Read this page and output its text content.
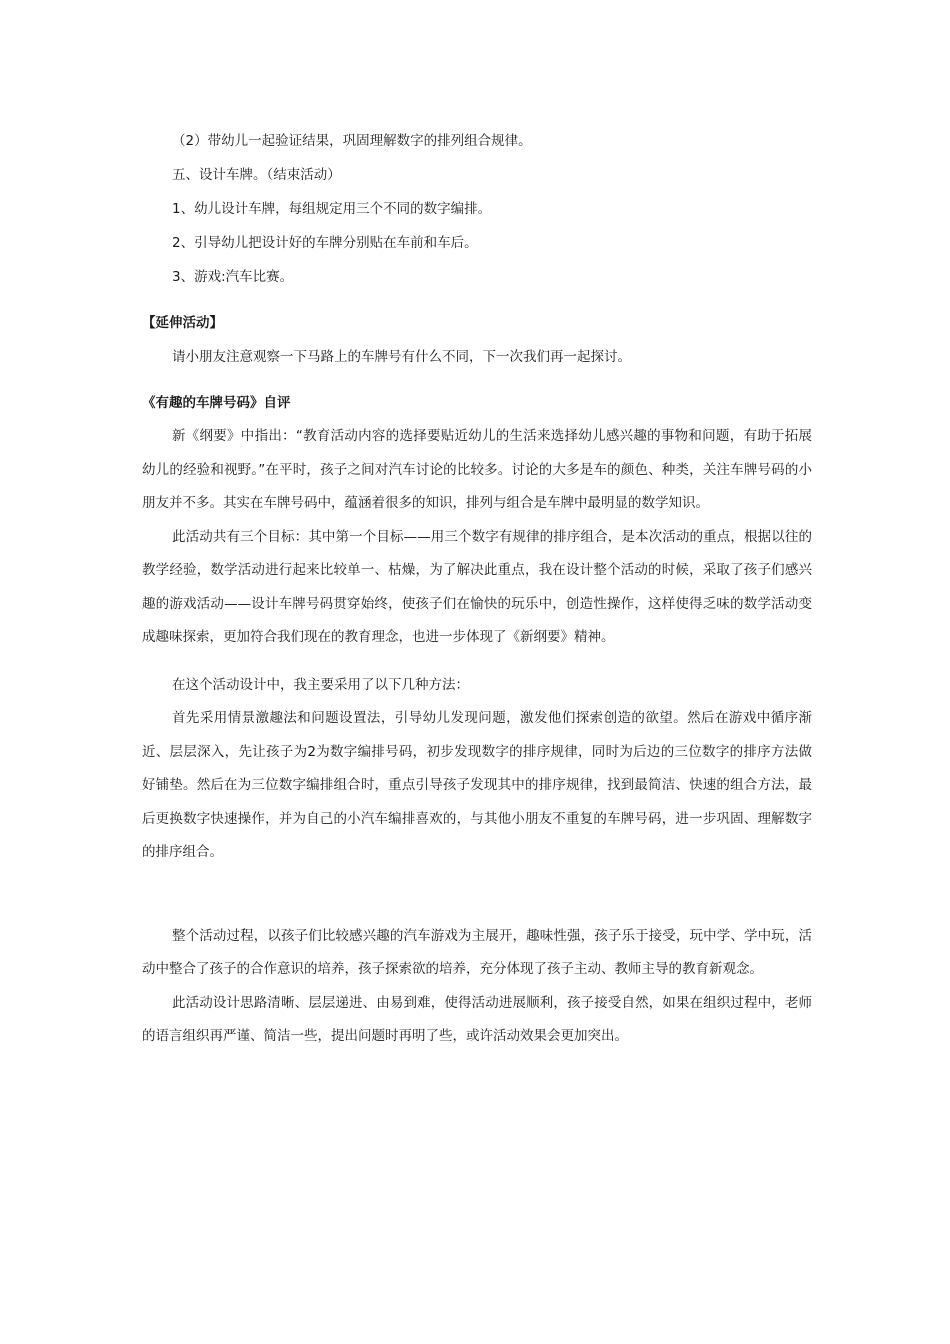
（2）带幼儿一起验证结果，巩固理解数字的排列组合规律。

五、设计车牌。（结束活动）

1、幼儿设计车牌，每组规定用三个不同的数字编排。

2、引导幼儿把设计好的车牌分别贴在车前和车后。

3、游戏:汽车比赛。

【延伸活动】

请小朋友注意观察一下马路上的车牌号有什么不同，下一次我们再一起探讨。

《有趣的车牌号码》自评

新《纲要》中指出：“教育活动内容的选择要贴近幼儿的生活来选择幼儿感兴趣的事物和问题，有助于拓展幼儿的经验和视野。”在平时，孩子之间对汽车讨论的比较多。讨论的大多是车的颜色、种类，关注车牌号码的小朋友并不多。其实在车牌号码中，蕴涵着很多的知识，排列与组合是车牌中最明显的数学知识。

此活动共有三个目标：其中第一个目标——用三个数字有规律的排序组合，是本次活动的重点，根据以往的教学经验，数学活动进行起来比较单一、枯燥，为了解决此重点，我在设计整个活动的时候，采取了孩子们感兴趣的游戏活动——设计车牌号码贯穿始终，使孩子们在愉快的玩乐中，创造性操作，这样使得乏味的数学活动变成趣味探索，更加符合我们现在的教育理念，也进一步体现了《新纲要》精神。

在这个活动设计中，我主要采用了以下几种方法：

首先采用情景激趣法和问题设置法，引导幼儿发现问题，激发他们探索创造的欲望。然后在游戏中循序渐近、层层深入，先让孩子为2为数字编排号码，初步发现数字的排序规律，同时为后边的三位数字的排序方法做好铺垫。然后在为三位数字编排组合时，重点引导孩子发现其中的排序规律，找到最简洁、快速的组合方法，最后更换数字快速操作，并为自己的小汽车编排喜欢的，与其他小朋友不重复的车牌号码，进一步巩固、理解数字的排序组合。

整个活动过程，以孩子们比较感兴趣的汽车游戏为主展开，趣味性强，孩子乐于接受，玩中学、学中玩，活动中整合了孩子的合作意识的培养，孩子探索欲的培养，充分体现了孩子主动、教师主导的教育新观念。

此活动设计思路清晰、层层递进、由易到难，使得活动进展顺利，孩子接受自然，如果在组织过程中，老师的语言组织再严谨、简洁一些，提出问题时再明了些，或许活动效果会更加突出。
